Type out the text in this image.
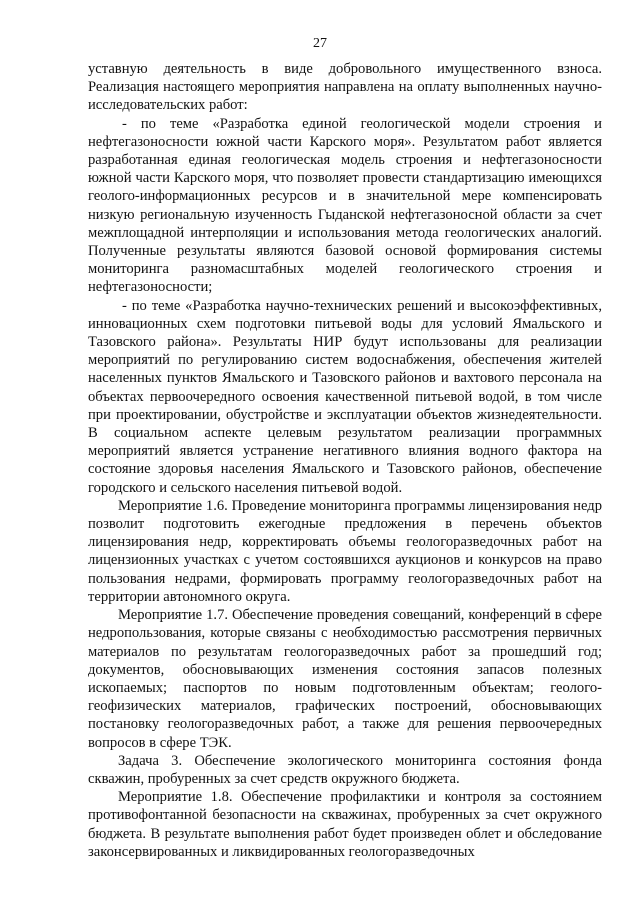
27

уставную деятельность в виде добровольного имущественного взноса. Реализация настоящего мероприятия направлена на оплату выполненных научно-исследовательских работ:

- по теме «Разработка единой геологической модели строения и нефтегазоносности южной части Карского моря». Результатом работ является разработанная единая геологическая модель строения и нефтегазоносности южной части Карского моря, что позволяет провести стандартизацию имеющихся геолого-информационных ресурсов и в значительной мере компенсировать низкую региональную изученность Гыданской нефтегазоносной области за счет межплощадной интерполяции и использования метода геологических аналогий. Полученные результаты являются базовой основой формирования системы мониторинга разномасштабных моделей геологического строения и нефтегазоносности;

- по теме «Разработка научно-технических решений и высокоэффективных, инновационных схем подготовки питьевой воды для условий Ямальского и Тазовского района». Результаты НИР будут использованы для реализации мероприятий по регулированию систем водоснабжения, обеспечения жителей населенных пунктов Ямальского и Тазовского районов и вахтового персонала на объектах первоочередного освоения качественной питьевой водой, в том числе при проектировании, обустройстве и эксплуатации объектов жизнедеятельности. В социальном аспекте целевым результатом реализации программных мероприятий является устранение негативного влияния водного фактора на состояние здоровья населения Ямальского и Тазовского районов, обеспечение городского и сельского населения питьевой водой.

Мероприятие 1.6. Проведение мониторинга программы лицензирования недр позволит подготовить ежегодные предложения в перечень объектов лицензирования недр, корректировать объемы геологоразведочных работ на лицензионных участках с учетом состоявшихся аукционов и конкурсов на право пользования недрами, формировать программу геологоразведочных работ на территории автономного округа.

Мероприятие 1.7. Обеспечение проведения совещаний, конференций в сфере недропользования, которые связаны с необходимостью рассмотрения первичных материалов по результатам геологоразведочных работ за прошедший год; документов, обосновывающих изменения состояния запасов полезных ископаемых; паспортов по новым подготовленным объектам; геолого-геофизических материалов, графических построений, обосновывающих постановку геологоразведочных работ, а также для решения первоочередных вопросов в сфере ТЭК.

Задача 3. Обеспечение экологического мониторинга состояния фонда скважин, пробуренных за счет средств окружного бюджета.

Мероприятие 1.8. Обеспечение профилактики и контроля за состоянием противофонтанной безопасности на скважинах, пробуренных за счет окружного бюджета. В результате выполнения работ будет произведен облет и обследование законсервированных и ликвидированных геологоразведочных
